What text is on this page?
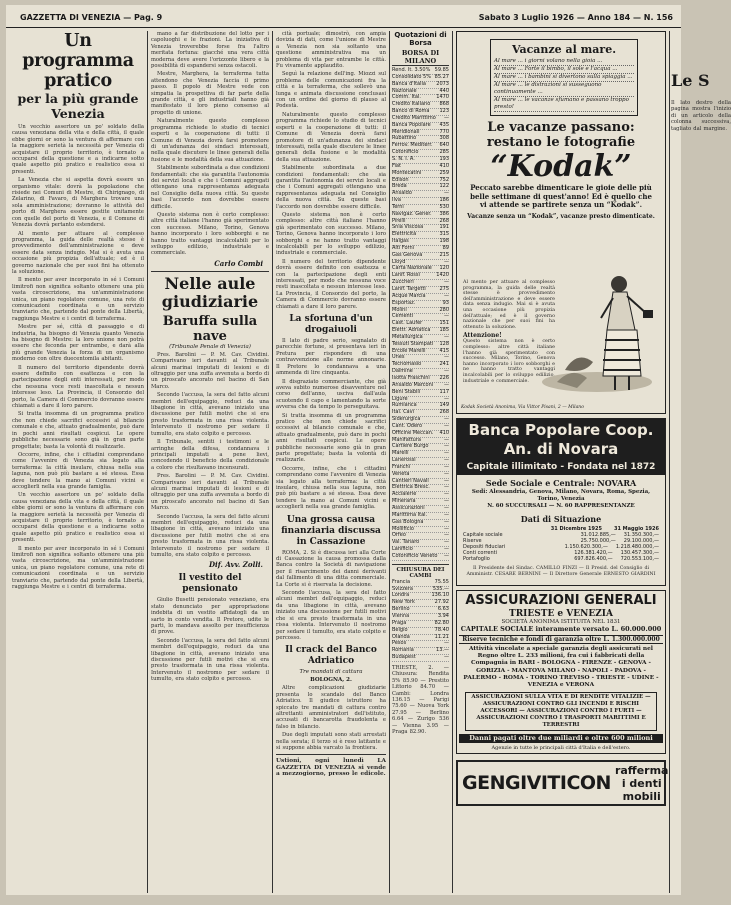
GAZZETTA DI VENEZIA — Pag. 9	Sabato 3 Luglio 1926 — Anno 184 — N. 156
Un programma pratico
per la più grande Venezia

Un vecchio assertore un po' soldato della causa veneziana della vita e della città, il quale ebbe giorni or sono la ventura di affermare con la maggiore serietà la necessità per Venezia di acquistare il proprio territorio, è tornato a occuparsi della questione e a indicarne sotto quale aspetto più pratico e realistico essa si presenti.

La Venezia che si aspetta dovrà essere un organismo vitale: dovrà la popolazione che risiede nei Comuni di Mestre, di Chirignago, di Zelarino, di Favaro, di Marghera trovare una sola amministrazione; dovranno le attività del porto di Marghera essere gestite unitamente con quelle del porto di Venezia, e il Comune di Venezia dovrà pertanto estendersi.

Al mento per attuare al complesso programma, la guida delle realtà stesse è provvedimento dell'amministrazione e deve essere data senza indugio. Mai si è avuta una occasione più propizia dell'attuale; ed è il governo nazionale che per suoi fini ha ottenuto la soluzione.

Il mento per aver incorporato in sé i Comuni limitrofi non significa soltanto ottenere una più vasta circoscrizione, ma un'amministrazione unica, un piano regolatore comune, una rete di comunicazioni coordinata e un servizio tranviario che, partendo dal ponte della Libertà, raggiunga Mestre e i centri di terraferma.

Mestre per sé, città di passaggio e di industria, ha bisogno di Venezia quanto Venezia ha bisogno di Mestre: la loro unione non potrà essere che feconda per entrambe, e darà alla più grande Venezia la forza di un organismo moderno con oltre duecentomila abitanti.

Il numero del territorio dipendente dovrà essere definito con esattezza e con la partecipazione degli enti interessati, per modo che nessuna voce resti inascoltata e nessun interesse leso. La Provincia, il Consorzio del porto, la Camera di Commercio dovranno essere chiamati a dare il loro parere.

Si tratta insomma di un programma pratico che non chiede sacrifici eccessivi al bilancio comunale e che, attuato gradualmente, può dare in pochi anni risultati cospicui. Le opere pubbliche necessarie sono già in gran parte progettate; basta la volontà di realizzarle.

Occorre, infine, che i cittadini comprendano come l'avvenire di Venezia sia legato alla terraferma: la città insulare, chiusa nella sua laguna, non può più bastare a sé stessa. Essa deve tendere la mano ai Comuni vicini e accoglierli nella sua grande famiglia.

Un vecchio assertore un po' soldato della causa veneziana della vita e della città, il quale ebbe giorni or sono la ventura di affermare con la maggiore serietà la necessità per Venezia di acquistare il proprio territorio, è tornato a occuparsi della questione e a indicarne sotto quale aspetto più pratico e realistico essa si presenti.

Il mento per aver incorporato in sé i Comuni limitrofi non significa soltanto ottenere una più vasta circoscrizione, ma un'amministrazione unica, un piano regolatore comune, una rete di comunicazioni coordinata e un servizio tranviario che, partendo dal ponte della Libertà, raggiunga Mestre e i centri di terraferma.

mano a far distribuzione del lotto per i capoluoghi e le frazioni. La iniziativa di Venezia troverebbe forse fra l'altro meritata fortuna: giacché una vera città moderna deve avere l'orizzonte libero e la possibilità di espandersi senza ostacoli.

Mestre, Marghera, la terraferma tutta attendono che Venezia faccia il primo passo. Il popolo di Mestre vede con simpatia la prospettiva di far parte della grande città, e gli industriali hanno già manifestato il loro pieno consenso al progetto di unione.

Naturalmente questo complesso programma richiede lo studio di tecnici esperti e la cooperazione di tutti: il Comune di Venezia dovrà farsi promotore di un'adunanza dei sindaci interessati, nella quale discutere le linee generali della fusione e le modalità della sua attuazione.

Stabilmente subordinata a due condizioni fondamentali: che sia garantita l'autonomia dei servizi locali e che i Comuni aggregati ottengano una rappresentanza adeguata nel Consiglio della nuova città. Su queste basi l'accordo non dovrebbe essere difficile.

Questo sistema non è certo complesso: altre città italiane l'hanno già sperimentato con successo. Milano, Torino, Genova hanno incorporato i loro sobborghi e ne hanno tratto vantaggi incalcolabili per lo sviluppo edilizio, industriale e commerciale.

Carlo Combi
Nelle aule giudiziarie
Baruffa sulla nave
(Tribunale Penale di Venezia)

Pres. Barolini — P. M. Cav. Cividini. Comparivano ieri davanti al Tribunale alcuni marinai imputati di lesioni e di oltraggio per una zuffa avvenuta a bordo di un piroscafo ancorato nel bacino di San Marco.

Secondo l'accusa, la sera del fatto alcuni membri dell'equipaggio, reduci da una libagione in città, avevano iniziato una discussione per futili motivi che si era presto trasformata in una rissa violenta. Intervenuto il nostromo per sedare il tumulto, era stato colpito e percosso.

Il Tribunale, sentiti i testimoni e le arringhe della difesa, condannava i principali imputati a pene lievi, concedendo il beneficio della condizionale a coloro che risultavano incensurati.

Pres. Barolini — P. M. Cav. Cividini. Comparivano ieri davanti al Tribunale alcuni marinai imputati di lesioni e di oltraggio per una zuffa avvenuta a bordo di un piroscafo ancorato nel bacino di San Marco.

Secondo l'accusa, la sera del fatto alcuni membri dell'equipaggio, reduci da una libagione in città, avevano iniziato una discussione per futili motivi che si era presto trasformata in una rissa violenta. Intervenuto il nostromo per sedare il tumulto, era stato colpito e percosso.

Dif. Avv. Zolli.
Il vestito del pensionato

Giulio Busetti pensionato veneziano, era stato denunciato per appropriazione indebita di un vestito affidatogli da un sarto in conto vendita. Il Pretore, udite le parti, lo mandava assolto per insufficienza di prove.

Secondo l'accusa, la sera del fatto alcuni membri dell'equipaggio, reduci da una libagione in città, avevano iniziato una discussione per futili motivi che si era presto trasformata in una rissa violenta. Intervenuto il nostromo per sedare il tumulto, era stato colpito e percosso.

cità portuale; dimostrò, con ampia dovizia di dati, come l'unione di Mestre a Venezia non sia soltanto una questione amministrativa ma un problema di vita per entrambe le città. Fu vivamente applaudito.

Seguì la relazione dell'ing. Miozzi sul problema delle comunicazioni fra la città e la terraferma, che sollevò una lunga e animata discussione conclusasi con un ordine del giorno di plauso al Podestà.

Naturalmente questo complesso programma richiede lo studio di tecnici esperti e la cooperazione di tutti: il Comune di Venezia dovrà farsi promotore di un'adunanza dei sindaci interessati, nella quale discutere le linee generali della fusione e le modalità della sua attuazione.

Stabilmente subordinata a due condizioni fondamentali: che sia garantita l'autonomia dei servizi locali e che i Comuni aggregati ottengano una rappresentanza adeguata nel Consiglio della nuova città. Su queste basi l'accordo non dovrebbe essere difficile.

Questo sistema non è certo complesso: altre città italiane l'hanno già sperimentato con successo. Milano, Torino, Genova hanno incorporato i loro sobborghi e ne hanno tratto vantaggi incalcolabili per lo sviluppo edilizio, industriale e commerciale.

Il numero del territorio dipendente dovrà essere definito con esattezza e con la partecipazione degli enti interessati, per modo che nessuna voce resti inascoltata e nessun interesse leso. La Provincia, il Consorzio del porto, la Camera di Commercio dovranno essere chiamati a dare il loro parere.

La sfortuna d'un drogaiuoli

Il lato di padre serio, segnalato di parecchie fortune, si presentava ieri in Pretura per rispondere di una contravvenzione alle norme annonarie. Il Pretore lo condannava a una ammenda di lire cinquanta.

Il disgraziato commerciante, che già aveva subito numerose disavventure nel corso dell'anno, usciva dall'aula scuotendo il capo e lamentando la sorte avversa che da tempo lo perseguitava.

Si tratta insomma di un programma pratico che non chiede sacrifici eccessivi al bilancio comunale e che, attuato gradualmente, può dare in pochi anni risultati cospicui. Le opere pubbliche necessarie sono già in gran parte progettate; basta la volontà di realizzarle.

Occorre, infine, che i cittadini comprendano come l'avvenire di Venezia sia legato alla terraferma: la città insulare, chiusa nella sua laguna, non può più bastare a sé stessa. Essa deve tendere la mano ai Comuni vicini e accoglierli nella sua grande famiglia.

Una grossa causa finanziaria discussa in Cassazione

ROMA, 2. Si è discussa ieri alla Corte di Cassazione la causa promossa dalla Banca contro la Società di navigazione per il risarcimento dei danni derivanti dal fallimento di una ditta commerciale. La Corte si è riservata la decisione.

Secondo l'accusa, la sera del fatto alcuni membri dell'equipaggio, reduci da una libagione in città, avevano iniziato una discussione per futili motivi che si era presto trasformata in una rissa violenta. Intervenuto il nostromo per sedare il tumulto, era stato colpito e percosso.

Il crack del Banco Adriatico
Tre mandati di cattura
BOLOGNA, 2.

Altre complicazioni giudiziarie presenta lo scandalo del Banco Adriatico. Il giudice istruttore ha spiccato tre mandati di cattura contro altrettanti amministratori dell'istituto, accusati di bancarotta fraudolenta e falso in bilancio.

Due degli imputati sono stati arrestati nella serata; il terzo si è reso latitante e si suppone abbia varcato la frontiera.

Ustioni, ogni lunedì LA GAZZETTA DI VENEZIA si vende a mezzogiorno, presso le edicole.
Quotazioni di Borsa
BORSA DI MILANO
Rend. It. 3.50% 59.85
Consolidato 5% 85.27
Banca d'Italia 2073
Nazionale	440
Comm. Ital.	1470
Credito Italiano 868
Banco di Roma 123
Credito Marittimo —
Banca Popolare 435
Meridionali	770
Rubattino	308
Ferrov. Mediterr. 640
Cotonificio	285
S. N. I. A.	193
Fiat	410
Montecatini	259
Edison	752
Breda	122
Ansaldo	—
Ilva	186
Terni	530
Navigaz. Gener. 386
Pirelli	268
Snia Viscosa	191
Elettricità	315
Italgas	198
Alti Forni	89
Gas Genova	215
Lloyd	—
Carta Nazionale 120
Lanif. Rossi	1420
Zuccheri	—
Lanif. Targetti	275
Acque Marcia	—
Esportaz.	93
Molini	280
Cementi	—
Cast. Laufer	151
Elettr. Adriatica 185
Metallurgica	—
Tessuti Stampati 128
Ercole Marelli	415
Unes	—
Tecnomasio	241
Dalmine	—
Isotta Fraschini 226
Ansaldo Marconi —
Beni Stabili	117
Ligure	—
Rumianca	149
Ital. Cavi	268
Siderurgica	—
Cant. Odero	—
Officine Meccan. 410
Manifattura	—
Cartiere Burgo	—
Marelli	—
Lanerossi	—
Franchi	—
Veneta	—
Cantieri Navali	—
Elettrica Bresc.	—
Acciaierie	—
Mineraria	—
Assicurazioni	—
Marittima Ital.	—
Gas Bologna	—
Mollificio	—
Orfeo	—
Val. Tanaro	—
Lanificio	—
Cotonificio Veneto —
CHIUSURA DEI CAMBI
Francia	75.55
Svizzera	535.—
Londra	136.10
New York	27.92
Berlino	6.63
Vienna	3.94
Praga	82.80
Belgio	78.40
Olanda	11.21
Pesos	—
Romania	13.—
Budapest	—
TRIESTE, 2. — Chiusura: Rendita 5% 85.90 — Prestito Littorio 84.70 — Cambi: Londra 136.15 — Parigi 75.60 — Nuova York 27.95 — Berlino 6.64 — Zurigo 536 — Vienna 3.95 — Praga 82.90.
Vacanze al mare.
Al mare ... i giorni volano nella gioia ...
Al mare ... Forte il bimbo, il sole e l'acqua ...
Al mare ... i bambini si divertono sulla spiaggia ...
Al mare ... le distrazioni si susseguono continuamente ...
Al mare ... le vacanze sfumano e passano troppo presto!
Le vacanze passano: restano le fotografie
“Kodak”
Peccato sarebbe dimenticare le gioie delle più belle settimane di quest'anno! Ed è quello che vi attende se partirete senza un “Kodak”.
Vacanze senza un “Kodak”, vacanze presto dimenticate.
Al mento per attuare al complesso programma, la guida delle realtà stesse è provvedimento dell'amministrazione e deve essere data senza indugio. Mai si è avuta una occasione più propizia dell'attuale; ed è il governo nazionale che per suoi fini ha ottenuto la soluzione.
Attenzione!
Questo sistema non è certo complesso: altre città italiane l'hanno già sperimentato con successo. Milano, Torino, Genova hanno incorporato i loro sobborghi e ne hanno tratto vantaggi incalcolabili per lo sviluppo edilizio, industriale e commerciale.
Kodak Società Anonima, Via Vittor Pisani, 2 — Milano
Banca Popolare Coop. An. di Novara
Capitale illimitato - Fondata nel 1872
Sede Sociale e Centrale: NOVARA
Sedi: Alessandria, Genova, Milano, Novara, Roma, Spezia, Torino, Venezia
N. 60 SUCCURSALI — N. 60 RAPPRESENTANZE
Dati di Situazione
31 Dicembre 1925 31 Maggio 1926
Capitale sociale	31.012.885,— 31.350.300,—
Riserve	25.750.000,— 29.100.000,—
Depositi fiduciari	1.150.620.300,— 1.218.480.000,—
Conti correnti	126.381.420,— 130.457.300,—
Portafoglio	697.826.400,— 720.553.100,—
Il Presidente del Sindac. CAMILLO FINZI — Il Presid. del Consiglio di Amministr. CESARE BERNINI — Il Direttore Generale ERNESTO GIARDINI
ASSICURAZIONI GENERALI
TRIESTE e VENEZIA
SOCIETÀ ANONIMA ISTITUITA NEL 1831
CAPITALE SOCIALE interamente versato L. 60.000.000
Riserve tecniche e fondi di garanzia oltre L. 1.300.000.000
Attività vincolate a speciale garanzia degli assicurati nel Regno oltre L. 233 milioni, fra cui i fabbricati della Compagnia in BARI - BOLOGNA - FIRENZE - GENOVA - GORIZIA - MANTOVA MILANO - NAPOLI - PADOVA - PALERMO - ROMA - TORINO TREVISO - TRIESTE - UDINE - VENEZIA e VERONA
ASSICURAZIONI SULLA VITA E DI RENDITE VITALIZIE — ASSICURAZIONI CONTRO GLI INCENDI E RISCHI ACCESSORI — ASSICURAZIONI CONTRO I FURTI — ASSICURAZIONI CONTRO I TRASPORTI MARITTIMI E TERRESTRI
Danni pagati oltre due miliardi e oltre 600 milioni
Agenzie in tutte le principali città d'Italia e dell'estero.
GENGIVITICON
rafferma i denti mobili
Le S
Il lato destro della pagina mostra l'inizio di un articolo della colonna successiva, tagliato dal margine.
